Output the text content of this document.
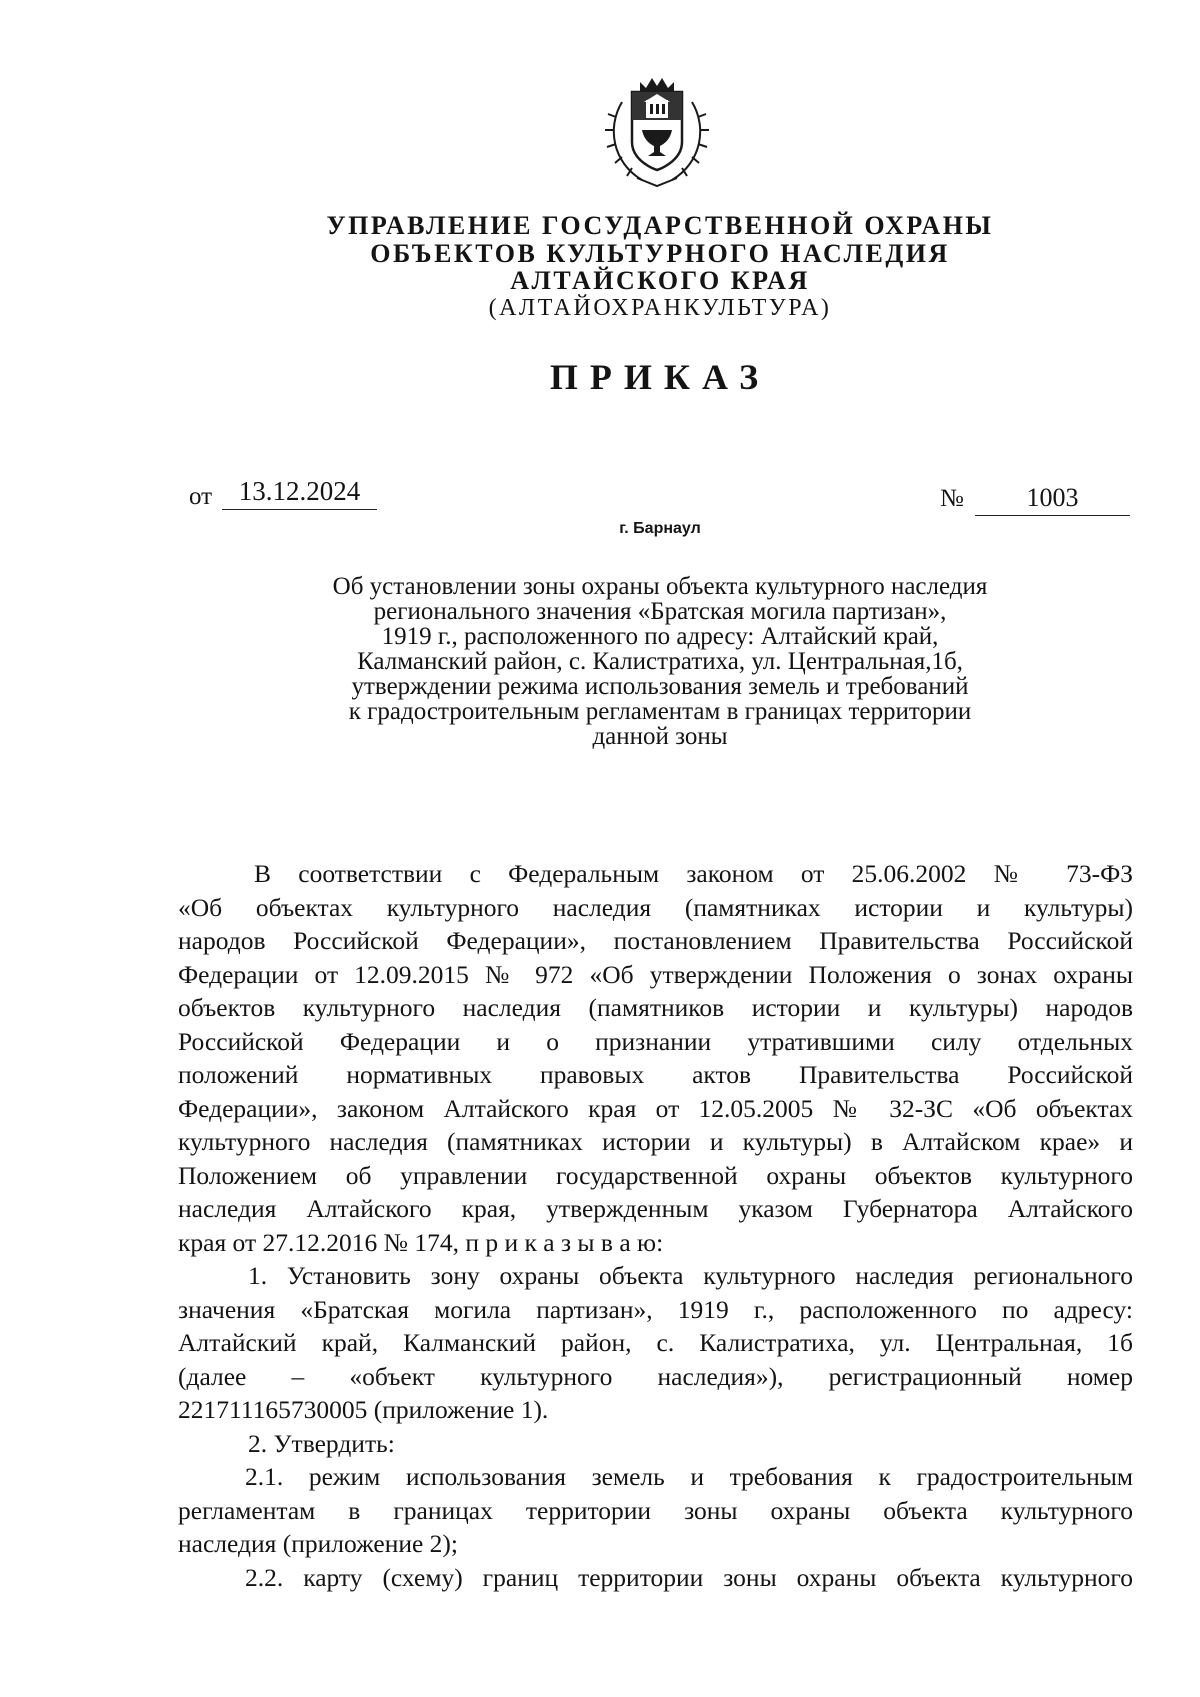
УПРАВЛЕНИЕ ГОСУДАРСТВЕННОЙ ОХРАНЫ
ОБЪЕКТОВ КУЛЬТУРНОГО НАСЛЕДИЯ
АЛТАЙСКОГО КРАЯ
(АЛТАЙОХРАНКУЛЬТУРА)
ПРИКАЗ
от 13.12.2024	№	1003
г. Барнаул
Об установлении зоны охраны объекта культурного наследия
регионального значения «Братская могила партизан»,
1919 г., расположенного по адресу: Алтайский край,
Калманский район, с. Калистратиха, ул. Центральная,1б,
утверждении режима использования земель и требований
к градостроительным регламентам в границах территории
данной зоны
В соответствии с Федеральным законом от 25.06.2002 № 73-ФЗ
«Об объектах культурного наследия (памятниках истории и культуры)
народов Российской Федерации», постановлением Правительства Российской
Федерации от 12.09.2015 № 972 «Об утверждении Положения о зонах охраны
объектов культурного наследия (памятников истории и культуры) народов
Российской Федерации и о признании утратившими силу отдельных
положений нормативных правовых актов Правительства Российской
Федерации», законом Алтайского края от 12.05.2005 № 32-ЗС «Об объектах
культурного наследия (памятниках истории и культуры) в Алтайском крае» и
Положением об управлении государственной охраны объектов культурного
наследия Алтайского края, утвержденным указом Губернатора Алтайского
края от 27.12.2016 № 174, п р и к а з ы в а ю:
1. Установить зону охраны объекта культурного наследия регионального
значения «Братская могила партизан», 1919 г., расположенного по адресу:
Алтайский край, Калманский район, с. Калистратиха, ул. Центральная, 1б
(далее – «объект культурного наследия»), регистрационный номер
221711165730005 (приложение 1).
2. Утвердить:
2.1. режим использования земель и требования к градостроительным
регламентам в границах территории зоны охраны объекта культурного
наследия (приложение 2);
2.2. карту (схему) границ территории зоны охраны объекта культурного
